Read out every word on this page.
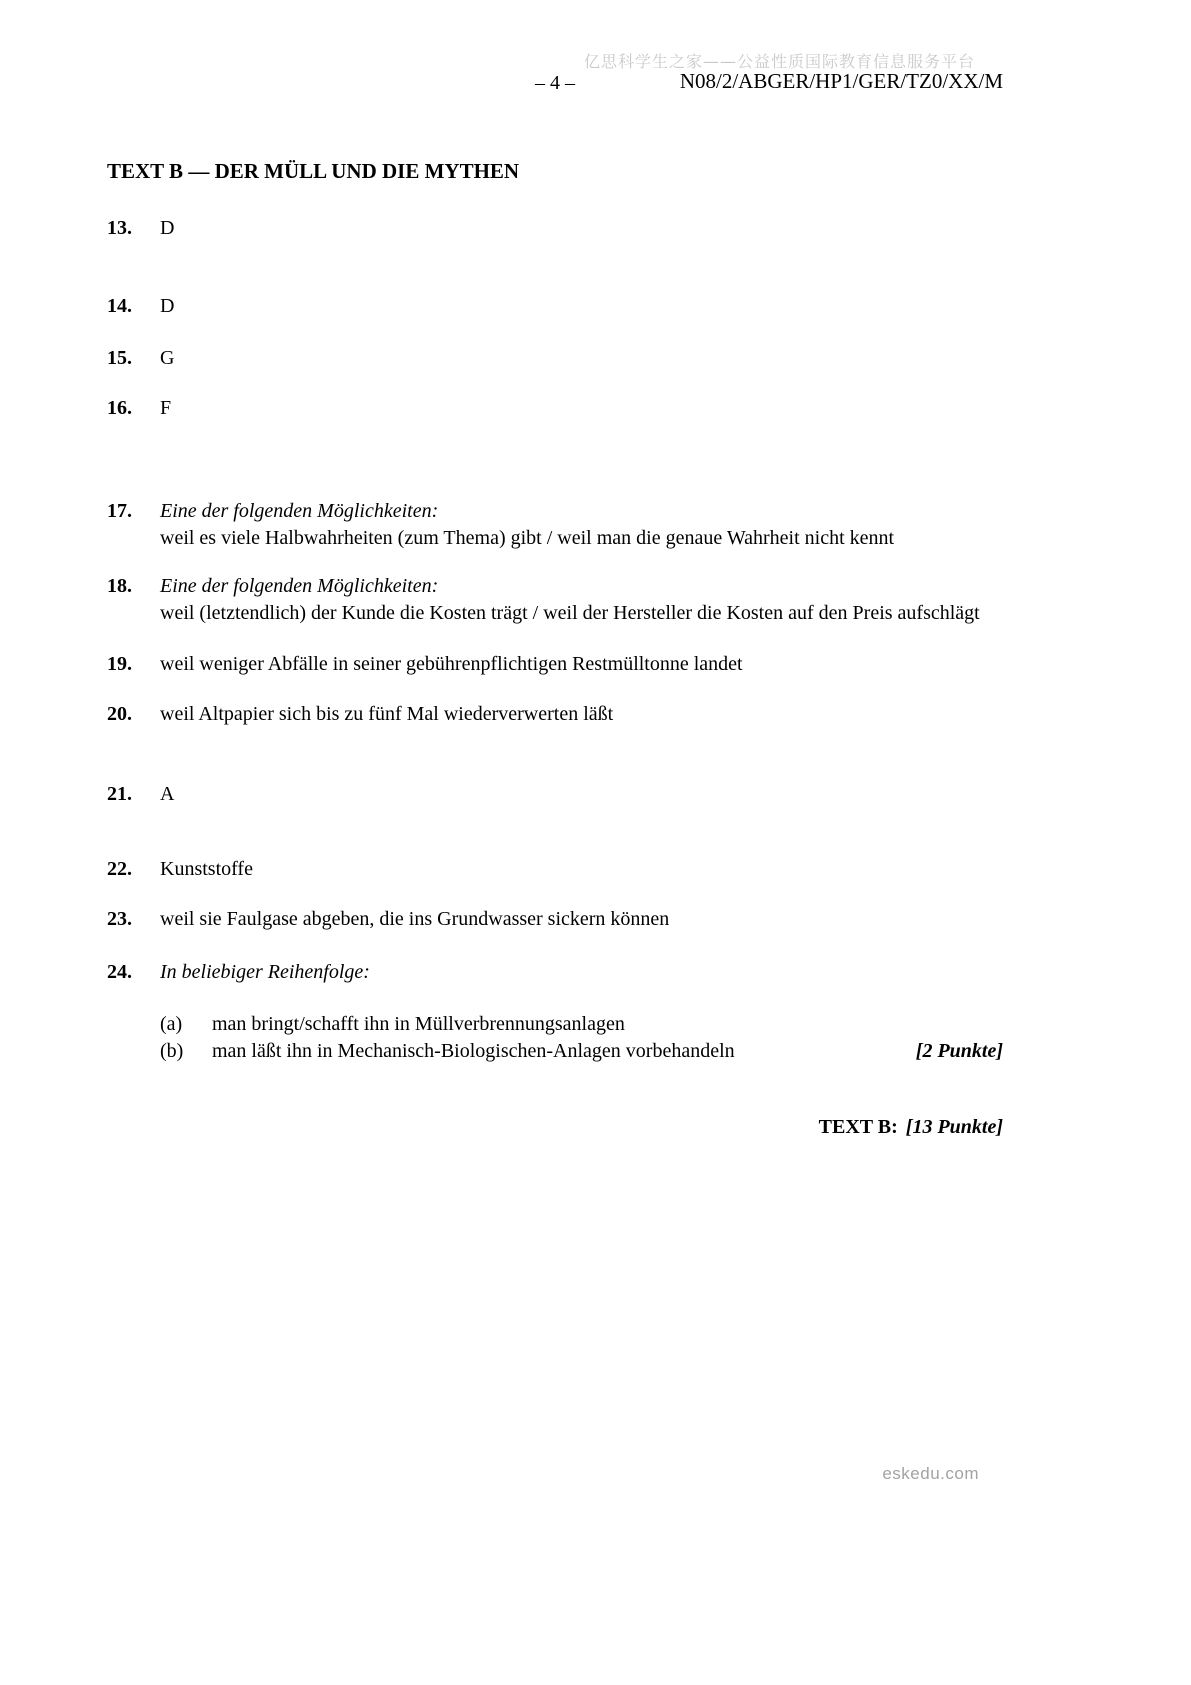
亿思科学生之家——公益性质国际教育信息服务平台
– 4 –	N08/2/ABGER/HP1/GER/TZ0/XX/M
TEXT B — DER MÜLL UND DIE MYTHEN
13.	D
14.	D
15.	G
16.	F
17.	Eine der folgenden Möglichkeiten:
weil es viele Halbwahrheiten (zum Thema) gibt / weil man die genaue Wahrheit nicht kennt
18.	Eine der folgenden Möglichkeiten:
weil (letztendlich) der Kunde die Kosten trägt / weil der Hersteller die Kosten auf den Preis aufschlägt
19.	weil weniger Abfälle in seiner gebührenpflichtigen Restmülltonne landet
20.	weil Altpapier sich bis zu fünf Mal wiederverwerten läßt
21.	A
22.	Kunststoffe
23.	weil sie Faulgase abgeben, die ins Grundwasser sickern können
24.	In beliebiger Reihenfolge:
(a)	man bringt/schafft ihn in Müllverbrennungsanlagen
(b)	man läßt ihn in Mechanisch-Biologischen-Anlagen vorbehandeln	[2 Punkte]
TEXT B: [13 Punkte]
eskedu.com
